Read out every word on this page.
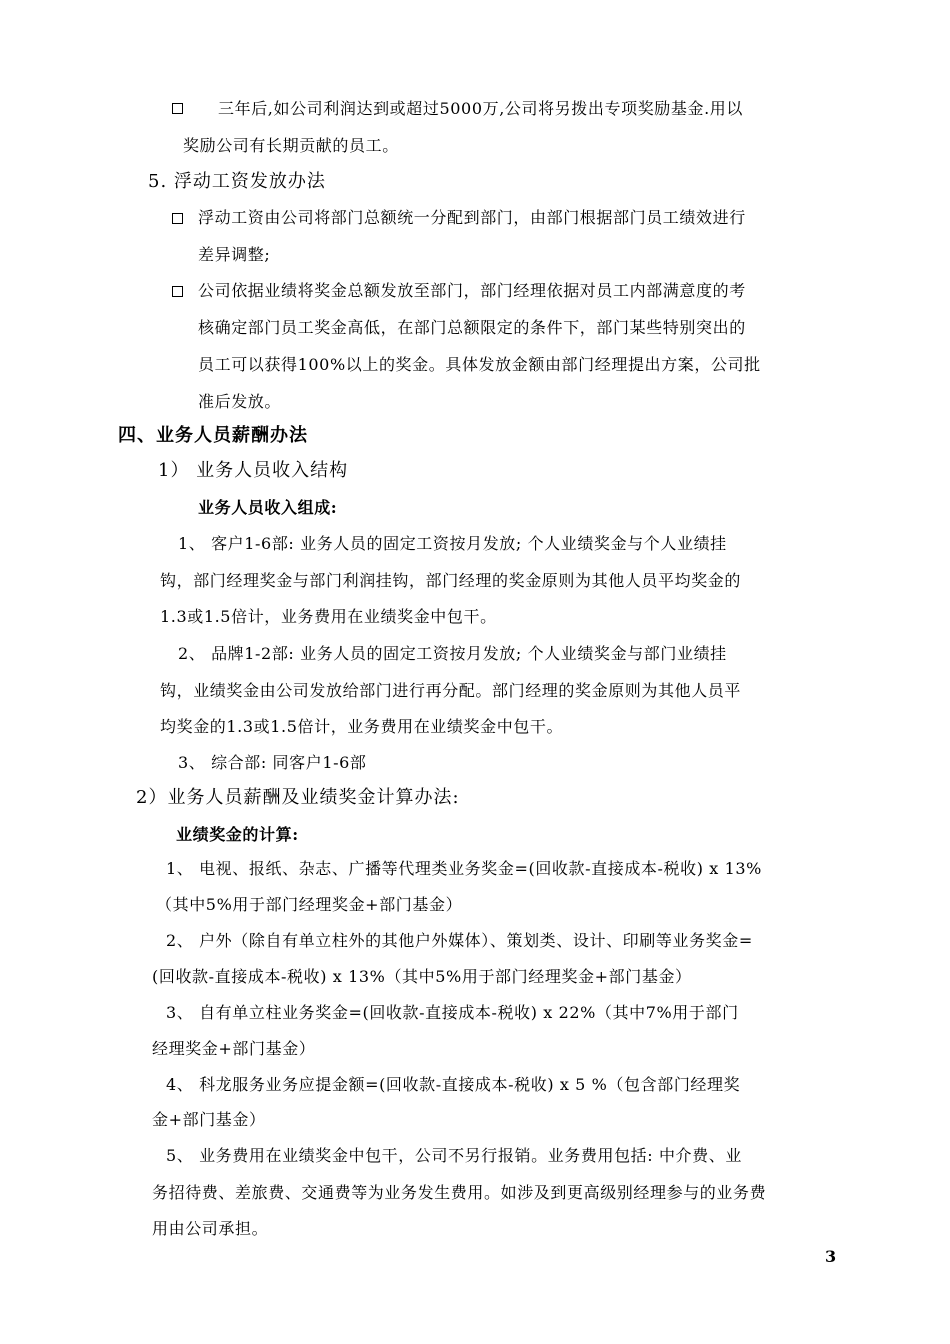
三年后,如公司利润达到或超过5000万,公司将另拨出专项奖励基金.用以
奖励公司有长期贡献的员工。
5. 浮动工资发放办法
浮动工资由公司将部门总额统一分配到部门，由部门根据部门员工绩效进行
差异调整;
公司依据业绩将奖金总额发放至部门，部门经理依据对员工内部满意度的考
核确定部门员工奖金高低，在部门总额限定的条件下，部门某些特别突出的
员工可以获得100%以上的奖金。具体发放金额由部门经理提出方案，公司批
准后发放。
四、业务人员薪酬办法
1） 业务人员收入结构
业务人员收入组成:
1、 客户1-6部: 业务人员的固定工资按月发放; 个人业绩奖金与个人业绩挂
钩，部门经理奖金与部门利润挂钩，部门经理的奖金原则为其他人员平均奖金的
1.3或1.5倍计，业务费用在业绩奖金中包干。
2、 品牌1-2部: 业务人员的固定工资按月发放; 个人业绩奖金与部门业绩挂
钩，业绩奖金由公司发放给部门进行再分配。部门经理的奖金原则为其他人员平
均奖金的1.3或1.5倍计，业务费用在业绩奖金中包干。
3、 综合部: 同客户1-6部
2）业务人员薪酬及业绩奖金计算办法:
业绩奖金的计算:
1、 电视、报纸、杂志、广播等代理类业务奖金=(回收款-直接成本-税收) x 13%
（其中5%用于部门经理奖金+部门基金）
2、 户外（除自有单立柱外的其他户外媒体）、策划类、设计、印刷等业务奖金=
(回收款-直接成本-税收) x 13%（其中5%用于部门经理奖金+部门基金）
3、 自有单立柱业务奖金=(回收款-直接成本-税收) x 22%（其中7%用于部门
经理奖金+部门基金）
4、 科龙服务业务应提金额=(回收款-直接成本-税收) x 5 %（包含部门经理奖
金+部门基金）
5、 业务费用在业绩奖金中包干，公司不另行报销。业务费用包括: 中介费、业
务招待费、差旅费、交通费等为业务发生费用。如涉及到更高级别经理参与的业务费
用由公司承担。
3
